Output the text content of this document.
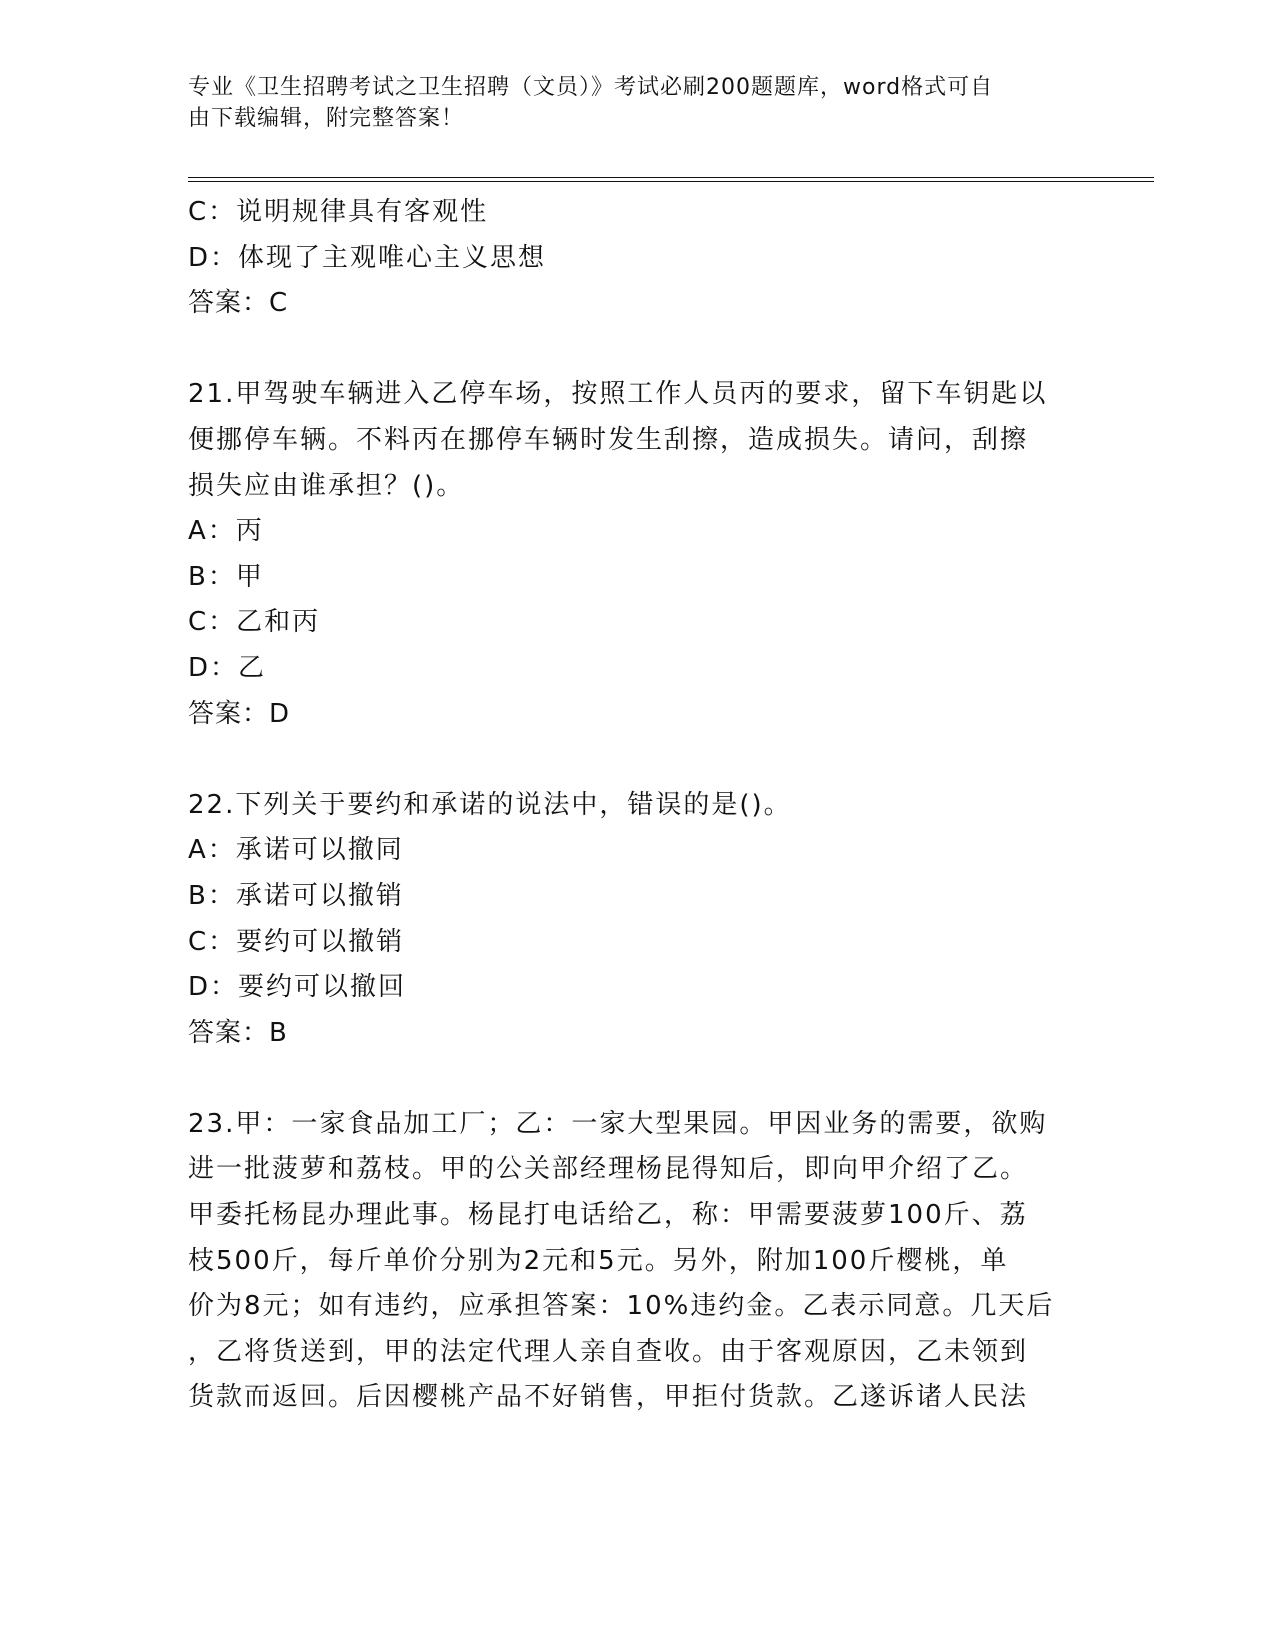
专业《卫生招聘考试之卫生招聘（文员）》考试必刷200题题库，word格式可自
由下载编辑，附完整答案！
C：说明规律具有客观性
D：体现了主观唯心主义思想
答案：C
21.甲驾驶车辆进入乙停车场，按照工作人员丙的要求，留下车钥匙以
便挪停车辆。不料丙在挪停车辆时发生刮擦，造成损失。请问，刮擦
损失应由谁承担？()。
A：丙
B：甲
C：乙和丙
D：乙
答案：D
22.下列关于要约和承诺的说法中，错误的是()。
A：承诺可以撤同
B：承诺可以撤销
C：要约可以撤销
D：要约可以撤回
答案：B
23.甲：一家食品加工厂；乙：一家大型果园。甲因业务的需要，欲购
进一批菠萝和荔枝。甲的公关部经理杨昆得知后，即向甲介绍了乙。
甲委托杨昆办理此事。杨昆打电话给乙，称：甲需要菠萝100斤、荔
枝500斤，每斤单价分别为2元和5元。另外，附加100斤樱桃，单
价为8元；如有违约，应承担答案：10%违约金。乙表示同意。几天后
，乙将货送到，甲的法定代理人亲自查收。由于客观原因，乙未领到
货款而返回。后因樱桃产品不好销售，甲拒付货款。乙遂诉诸人民法
